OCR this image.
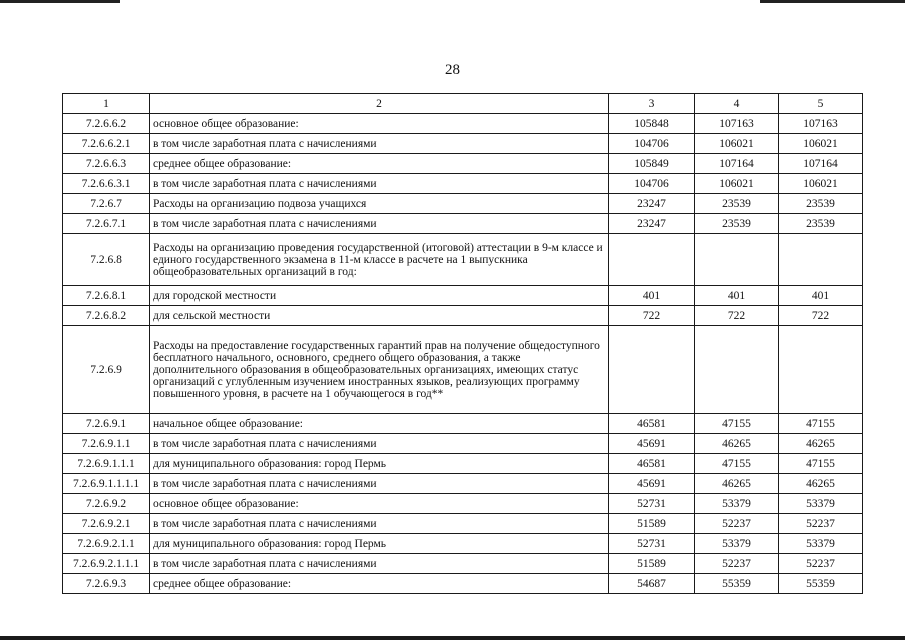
28
1	2	3	4	5
7.2.6.6.2	основное общее образование:	105848	107163	107163
7.2.6.6.2.1	в том числе заработная плата с начислениями	104706	106021	106021
7.2.6.6.3	среднее общее образование:	105849	107164	107164
7.2.6.6.3.1	в том числе заработная плата с начислениями	104706	106021	106021
7.2.6.7	Расходы на организацию подвоза учащихся	23247	23539	23539
7.2.6.7.1	в том числе заработная плата с начислениями	23247	23539	23539
7.2.6.8	Расходы на организацию проведения государственной (итоговой) аттестации в 9-м классе и единого государственного экзамена в 11-м классе в расчете на 1 выпускника общеобразовательных организаций в год:			
7.2.6.8.1	для городской местности	401	401	401
7.2.6.8.2	для сельской местности	722	722	722
7.2.6.9	Расходы на предоставление государственных гарантий прав на получение общедоступного бесплатного начального, основного, среднего общего образования, а также дополнительного образования в общеобразовательных организациях, имеющих статус организаций с углубленным изучением иностранных языков, реализующих программу повышенного уровня, в расчете на 1 обучающегося в год**			
7.2.6.9.1	начальное общее образование:	46581	47155	47155
7.2.6.9.1.1	в том числе заработная плата с начислениями	45691	46265	46265
7.2.6.9.1.1.1	для муниципального образования: город Пермь	46581	47155	47155
7.2.6.9.1.1.1.1	в том числе заработная плата с начислениями	45691	46265	46265
7.2.6.9.2	основное общее образование:	52731	53379	53379
7.2.6.9.2.1	в том числе заработная плата с начислениями	51589	52237	52237
7.2.6.9.2.1.1	для муниципального образования: город Пермь	52731	53379	53379
7.2.6.9.2.1.1.1	в том числе заработная плата с начислениями	51589	52237	52237
7.2.6.9.3	среднее общее образование:	54687	55359	55359
